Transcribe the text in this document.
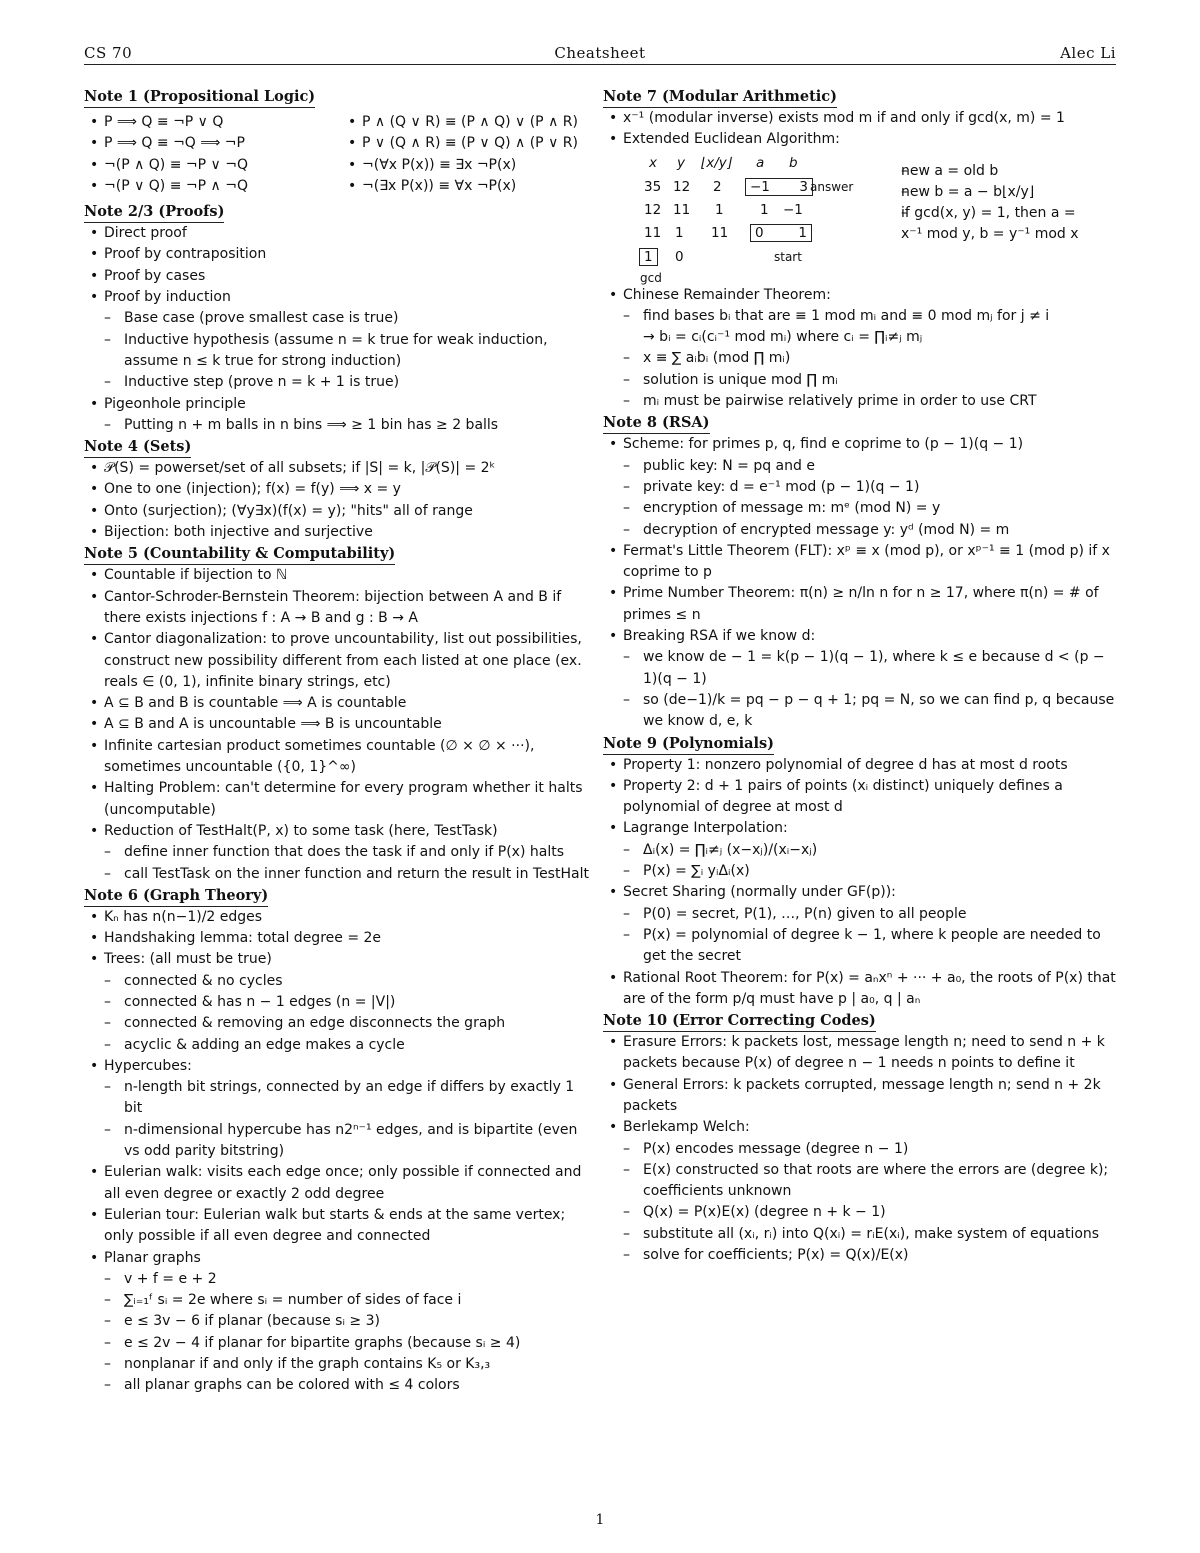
CS 70	Cheatsheet	Alec Li
Note 1 (Propositional Logic)
• P ⟹ Q ≡ ¬P ∨ Q
• P ⟹ Q ≡ ¬Q ⟹ ¬P
• ¬(P ∧ Q) ≡ ¬P ∨ ¬Q
• ¬(P ∨ Q) ≡ ¬P ∧ ¬Q
• P ∧ (Q ∨ R) ≡ (P ∧ Q) ∨ (P ∧ R)
• P ∨ (Q ∧ R) ≡ (P ∨ Q) ∧ (P ∨ R)
• ¬(∀x P(x)) ≡ ∃x ¬P(x)
• ¬(∃x P(x)) ≡ ∀x ¬P(x)
Note 2/3 (Proofs)
• Direct proof
• Proof by contraposition
• Proof by cases
• Proof by induction
– Base case (prove smallest case is true)
– Inductive hypothesis (assume n = k true for weak induction, assume n ≤ k true for strong induction)
– Inductive step (prove n = k + 1 is true)
• Pigeonhole principle
– Putting n + m balls in n bins ⟹ ≥ 1 bin has ≥ 2 balls
Note 4 (Sets)
• 𝒫(S) = powerset/set of all subsets; if |S| = k, |𝒫(S)| = 2ᵏ
• One to one (injection); f(x) = f(y) ⟹ x = y
• Onto (surjection); (∀y∃x)(f(x) = y); "hits" all of range
• Bijection: both injective and surjective
Note 5 (Countability & Computability)
• Countable if bijection to ℕ
• Cantor-Schroder-Bernstein Theorem: bijection between A and B if there exists injections f : A → B and g : B → A
• Cantor diagonalization: to prove uncountability, list out possibilities, construct new possibility different from each listed at one place (ex. reals ∈ (0, 1), infinite binary strings, etc)
• A ⊆ B and B is countable ⟹ A is countable
• A ⊆ B and A is uncountable ⟹ B is uncountable
• Infinite cartesian product sometimes countable (∅ × ∅ × ···), sometimes uncountable ({0, 1}^∞)
• Halting Problem: can't determine for every program whether it halts (uncomputable)
• Reduction of TestHalt(P, x) to some task (here, TestTask)
– define inner function that does the task if and only if P(x) halts
– call TestTask on the inner function and return the result in TestHalt
Note 6 (Graph Theory)
• Kₙ has n(n−1)/2 edges
• Handshaking lemma: total degree = 2e
• Trees: (all must be true)
– connected & no cycles
– connected & has n − 1 edges (n = |V|)
– connected & removing an edge disconnects the graph
– acyclic & adding an edge makes a cycle
• Hypercubes:
– n-length bit strings, connected by an edge if differs by exactly 1 bit
– n-dimensional hypercube has n2ⁿ⁻¹ edges, and is bipartite (even vs odd parity bitstring)
• Eulerian walk: visits each edge once; only possible if connected and all even degree or exactly 2 odd degree
• Eulerian tour: Eulerian walk but starts & ends at the same vertex; only possible if all even degree and connected
• Planar graphs
– v + f = e + 2
– ∑ᵢ₌₁ᶠ sᵢ = 2e where sᵢ = number of sides of face i
– e ≤ 3v − 6 if planar (because sᵢ ≥ 3)
– e ≤ 2v − 4 if planar for bipartite graphs (because sᵢ ≥ 4)
– nonplanar if and only if the graph contains K₅ or K₃,₃
– all planar graphs can be colored with ≤ 4 colors
Note 7 (Modular Arithmetic)
• x⁻¹ (modular inverse) exists mod m if and only if gcd(x, m) = 1
• Extended Euclidean Algorithm:
x y ⌊x/y⌋ a b
35 12 2 −1 3 answer
12 11 1	1 −1
11 1 11 0	1
1	0	start
gcd
– new a = old b
– new b = a − b⌊x/y⌋
– if gcd(x, y) = 1, then a =
x⁻¹ mod y, b = y⁻¹ mod x
• Chinese Remainder Theorem:
– find bases bᵢ that are ≡ 1 mod mᵢ and ≡ 0 mod mⱼ for j ≠ i
→ bᵢ = cᵢ(cᵢ⁻¹ mod mᵢ) where cᵢ = ∏ᵢ≠ⱼ mⱼ
– x ≡ ∑ aᵢbᵢ (mod ∏ mᵢ)
– solution is unique mod ∏ mᵢ
– mᵢ must be pairwise relatively prime in order to use CRT
Note 8 (RSA)
• Scheme: for primes p, q, find e coprime to (p − 1)(q − 1)
– public key: N = pq and e
– private key: d = e⁻¹ mod (p − 1)(q − 1)
– encryption of message m: mᵉ (mod N) = y
– decryption of encrypted message y: yᵈ (mod N) = m
• Fermat's Little Theorem (FLT): xᵖ ≡ x (mod p), or xᵖ⁻¹ ≡ 1 (mod p) if x coprime to p
• Prime Number Theorem: π(n) ≥ n/ln n for n ≥ 17, where π(n) = # of primes ≤ n
• Breaking RSA if we know d:
– we know de − 1 = k(p − 1)(q − 1), where k ≤ e because d < (p − 1)(q − 1)
– so (de−1)/k = pq − p − q + 1; pq = N, so we can find p, q because we know d, e, k
Note 9 (Polynomials)
• Property 1: nonzero polynomial of degree d has at most d roots
• Property 2: d + 1 pairs of points (xᵢ distinct) uniquely defines a polynomial of degree at most d
• Lagrange Interpolation:
– Δᵢ(x) = ∏ᵢ≠ⱼ (x−xⱼ)/(xᵢ−xⱼ)
– P(x) = ∑ᵢ yᵢΔᵢ(x)
• Secret Sharing (normally under GF(p)):
– P(0) = secret, P(1), …, P(n) given to all people
– P(x) = polynomial of degree k − 1, where k people are needed to get the secret
• Rational Root Theorem: for P(x) = aₙxⁿ + ··· + a₀, the roots of P(x) that are of the form p/q must have p | a₀, q | aₙ
Note 10 (Error Correcting Codes)
• Erasure Errors: k packets lost, message length n; need to send n + k packets because P(x) of degree n − 1 needs n points to define it
• General Errors: k packets corrupted, message length n; send n + 2k packets
• Berlekamp Welch:
– P(x) encodes message (degree n − 1)
– E(x) constructed so that roots are where the errors are (degree k); coefficients unknown
– Q(x) = P(x)E(x) (degree n + k − 1)
– substitute all (xᵢ, rᵢ) into Q(xᵢ) = rᵢE(xᵢ), make system of equations
– solve for coefficients; P(x) = Q(x)/E(x)
1
